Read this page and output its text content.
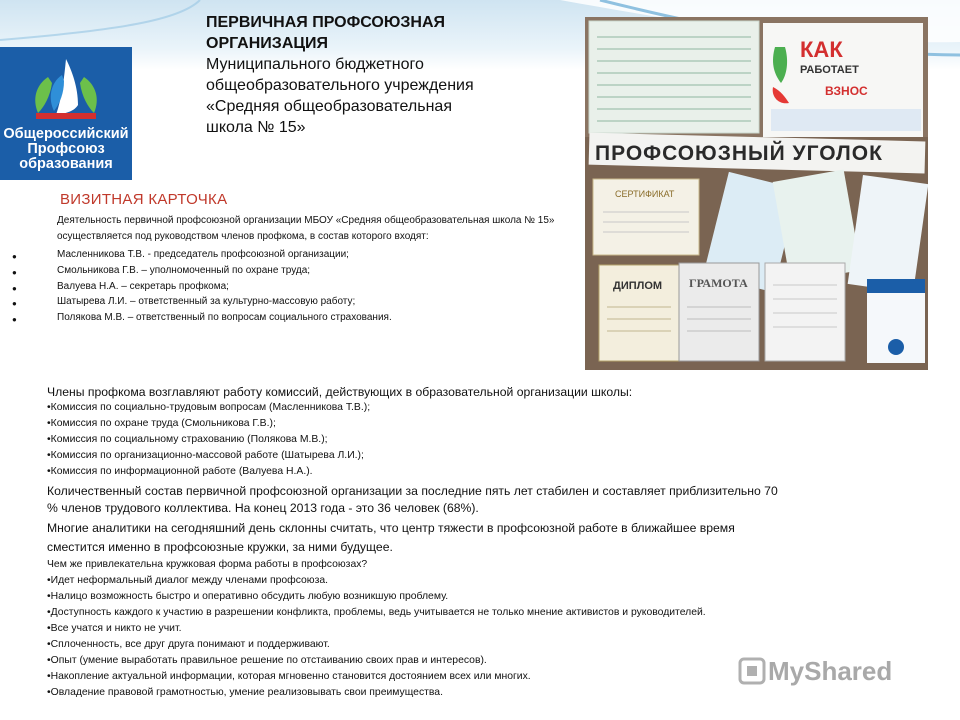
Общероссийский Профсоюз образования
ПЕРВИЧНАЯ ПРОФСОЮЗНАЯ
ОРГАНИЗАЦИЯ
Муниципального бюджетного
общеобразовательного учреждения
«Средняя общеобразовательная
школа № 15»
КАК
РАБОТАЕТ
ВЗНОС
ПРОФСОЮЗНЫЙ УГОЛОК
СЕРТИФИКАТ
ДИПЛОМ ГРАМОТА
ВИЗИТНАЯ КАРТОЧКА
Деятельность первичной профсоюзной организации МБОУ «Средняя общеобразовательная школа № 15»
осуществляется под руководством членов профкома, в состав которого входят:
●	Масленникова Т.В. - председатель профсоюзной организации;
●	Смольникова Г.В. – уполномоченный по охране труда;
●	Валуева Н.А. – секретарь профкома;
●	Шатырева Л.И. – ответственный за культурно-массовую работу;
●	Полякова М.В. – ответственный по вопросам социального страхования.
Члены профкома возглавляют работу комиссий, действующих в образовательной организации школы:
•Комиссия по социально-трудовым вопросам (Масленникова Т.В.);
•Комиссия по охране труда (Смольникова Г.В.);
•Комиссия по социальному страхованию (Полякова М.В.);
•Комиссия по организационно-массовой работе (Шатырева Л.И.);
•Комиссия по информационной работе (Валуева Н.А.).
Количественный состав первичной профсоюзной организации за последние пять лет стабилен и составляет приблизительно 70
% членов трудового коллектива. На конец 2013 года - это 36 человек (68%).
Многие аналитики на сегодняшний день склонны считать, что центр тяжести в профсоюзной работе в ближайшее время
сместится именно в профсоюзные кружки, за ними будущее.
Чем же привлекательна кружковая форма работы в профсоюзах?
•Идет неформальный диалог между членами профсоюза.
•Налицо возможность быстро и оперативно обсудить любую возникшую проблему.
•Доступность каждого к участию в разрешении конфликта, проблемы, ведь учитывается не только мнение активистов и руководителей.
•Все учатся и никто не учит.
•Сплоченность, все друг друга понимают и поддерживают.
•Опыт (умение выработать правильное решение по отстаиванию своих прав и интересов).
•Накопление актуальной информации, которая мгновенно становится достоянием всех или многих.
•Овладение правовой грамотностью, умение реализовывать свои преимущества.
MyShared
